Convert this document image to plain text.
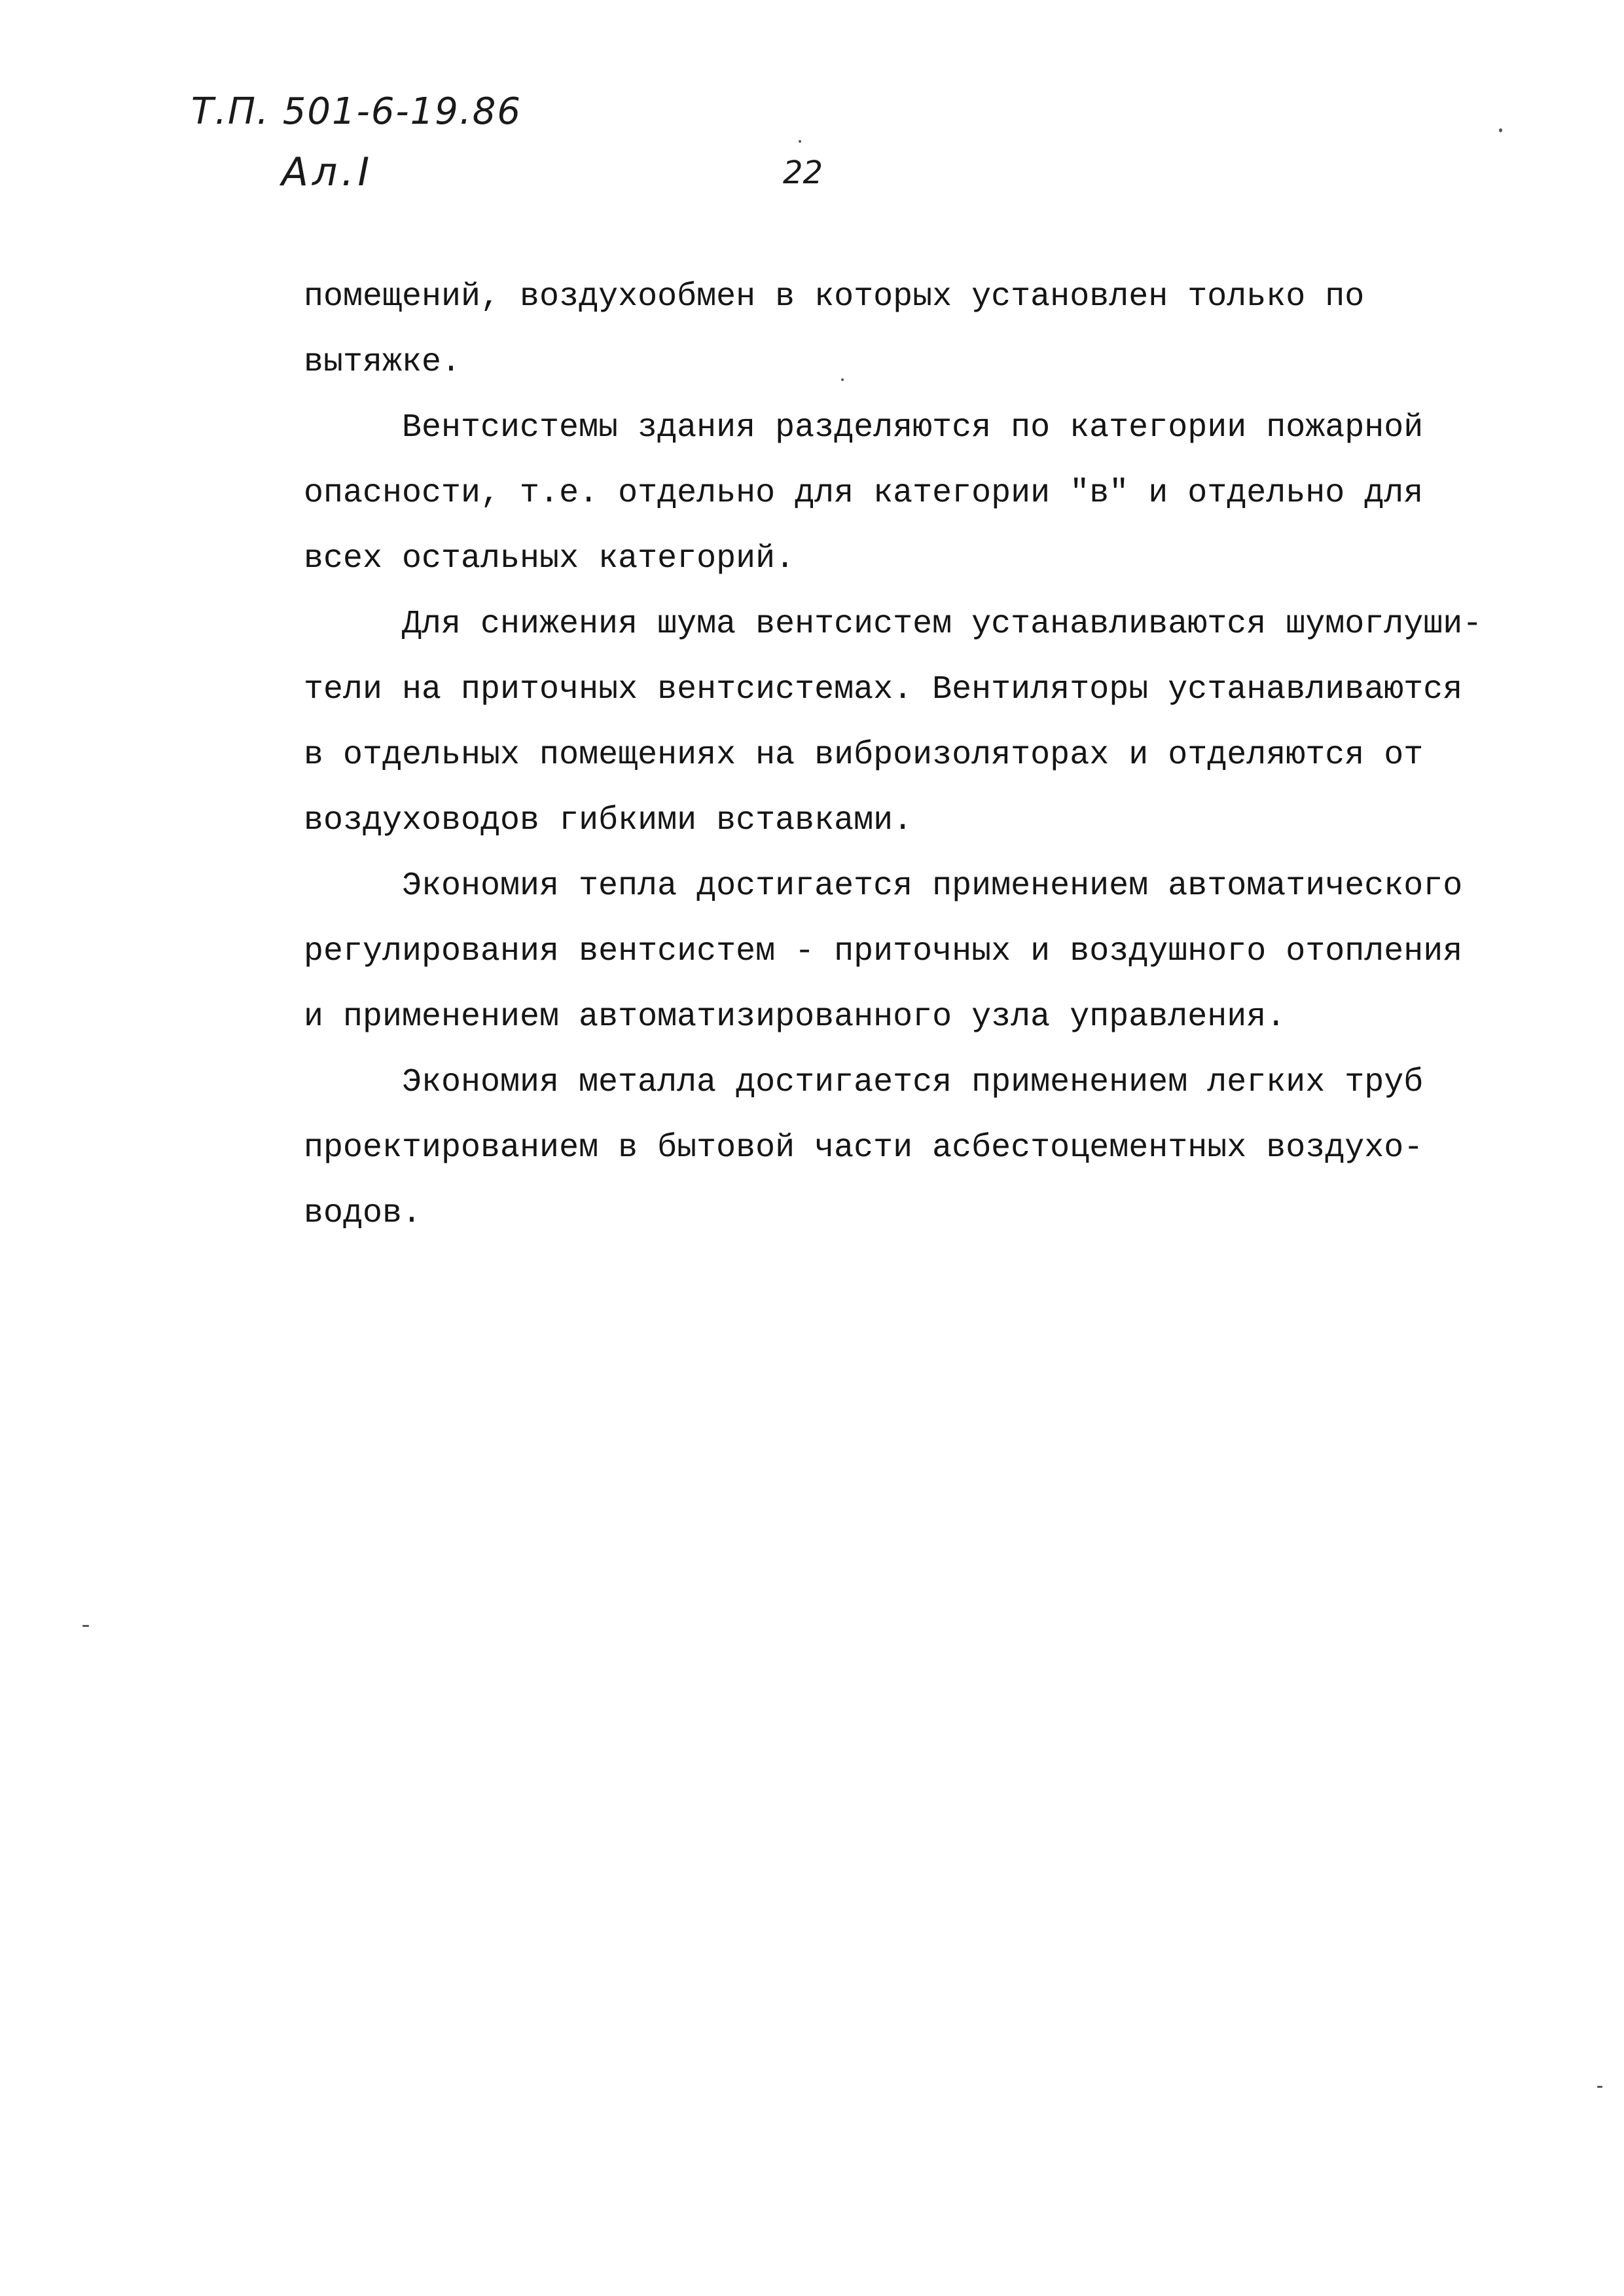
Т.П. 501-6-19.86
Ал.I	22
помещений, воздухообмен в которых установлен только по
вытяжке.
Вентсистемы здания разделяются по категории пожарной
опасности, т.е. отдельно для категории "в" и отдельно для
всех остальных категорий.
Для снижения шума вентсистем устанавливаются шумоглуши-
тели на приточных вентсистемах. Вентиляторы устанавливаются
в отдельных помещениях на виброизоляторах и отделяются от
воздуховодов гибкими вставками.
Экономия тепла достигается применением автоматического
регулирования вентсистем - приточных и воздушного отопления
и применением автоматизированного узла управления.
Экономия металла достигается применением легких труб
проектированием в бытовой части асбестоцементных воздухо-
водов.
